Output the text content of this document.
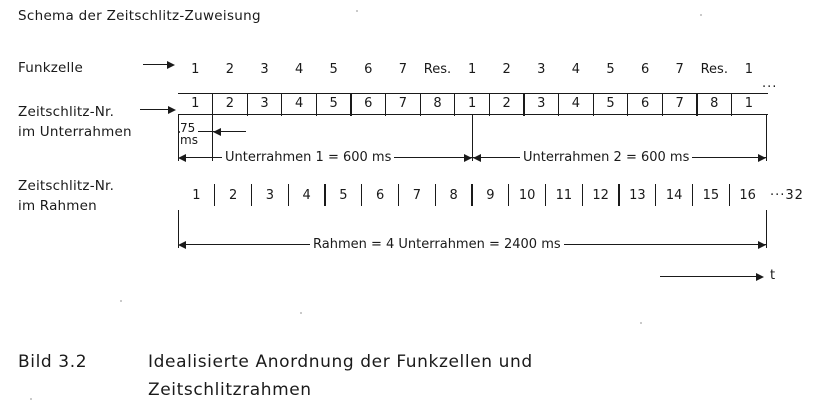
Schema der Zeitschlitz-Zuweisung
Funkzelle
Zeitschlitz-Nr.
im Unterrahmen
Zeitschlitz-Nr.
im Rahmen
1	2	3	4	5	6	7	Res.	1	2	3	4	5	6	7	Res.	1
...
1	2	3	4	5	6	7	8	1	2	3	4	5	6	7	8	1
75
ms
Unterrahmen 1 = 600 ms	Unterrahmen 2 = 600 ms
1	2	3	4	5	6	7	8	9	10	11	12	13	14	15	16	···32
Rahmen = 4 Unterrahmen = 2400 ms
t
Bild 3.2	Idealisierte Anordnung der Funkzellen und
Zeitschlitzrahmen
